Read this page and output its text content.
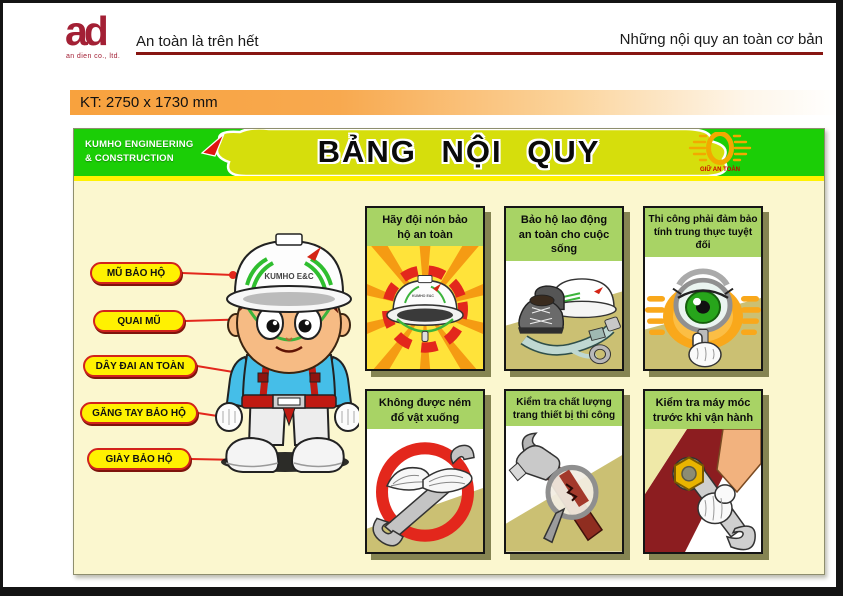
ad
an dien co., ltd.
An toàn là trên hết	Những nội quy an toàn cơ bản
KT: 2750 x 1730 mm
KUMHO ENGINEERING
& CONSTRUCTION	BẢNG NỘI QUY
GIỮ AN TOÀN
KUMHO E&C
MŨ BẢO HỘ
QUAI MŨ
DÂY ĐAI AN TOÀN
GĂNG TAY BẢO HỘ
GIÀY BẢO HỘ
Hãy đội nón bảo
hộ an toàn
KUMHO E&C
Bảo hộ lao động
an toàn cho cuộc sống
Thi công phải đảm bảo
tính trung thực tuyệt đối
Không được ném
đổ vật xuống
Kiểm tra chất lượng
trang thiết bị thi công
Kiểm tra máy móc
trước khi vận hành
